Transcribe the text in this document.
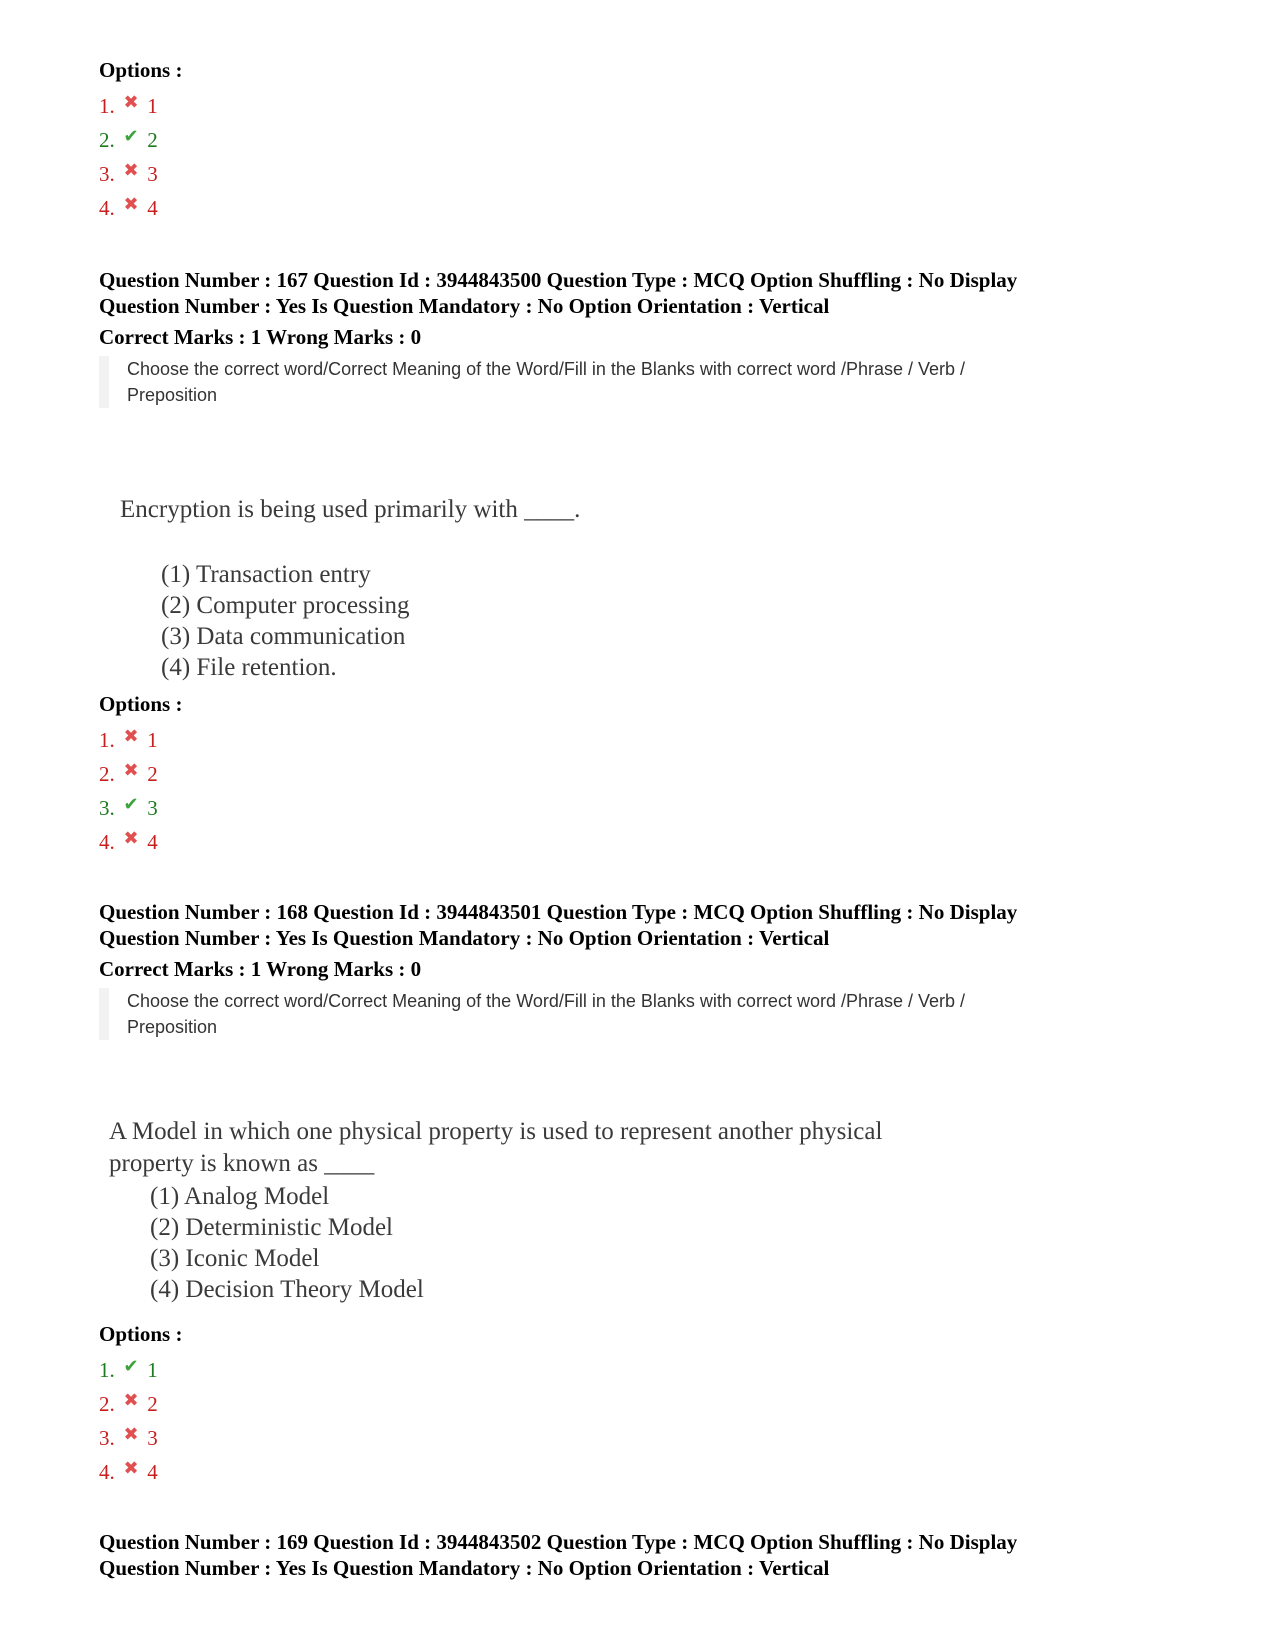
Options :
1. ✖ 1
2. ✔ 2
3. ✖ 3
4. ✖ 4
Question Number : 167 Question Id : 3944843500 Question Type : MCQ Option Shuffling : No Display
Question Number : Yes Is Question Mandatory : No Option Orientation : Vertical
Correct Marks : 1 Wrong Marks : 0
Choose the correct word/Correct Meaning of the Word/Fill in the Blanks with correct word /Phrase / Verb /
Preposition
Encryption is being used primarily with ____.
(1) Transaction entry
(2) Computer processing
(3) Data communication
(4) File retention.
Options :
1. ✖ 1
2. ✖ 2
3. ✔ 3
4. ✖ 4
Question Number : 168 Question Id : 3944843501 Question Type : MCQ Option Shuffling : No Display
Question Number : Yes Is Question Mandatory : No Option Orientation : Vertical
Correct Marks : 1 Wrong Marks : 0
Choose the correct word/Correct Meaning of the Word/Fill in the Blanks with correct word /Phrase / Verb /
Preposition
A Model in which one physical property is used to represent another physical
property is known as ____
(1) Analog Model
(2) Deterministic Model
(3) Iconic Model
(4) Decision Theory Model
Options :
1. ✔ 1
2. ✖ 2
3. ✖ 3
4. ✖ 4
Question Number : 169 Question Id : 3944843502 Question Type : MCQ Option Shuffling : No Display
Question Number : Yes Is Question Mandatory : No Option Orientation : Vertical
